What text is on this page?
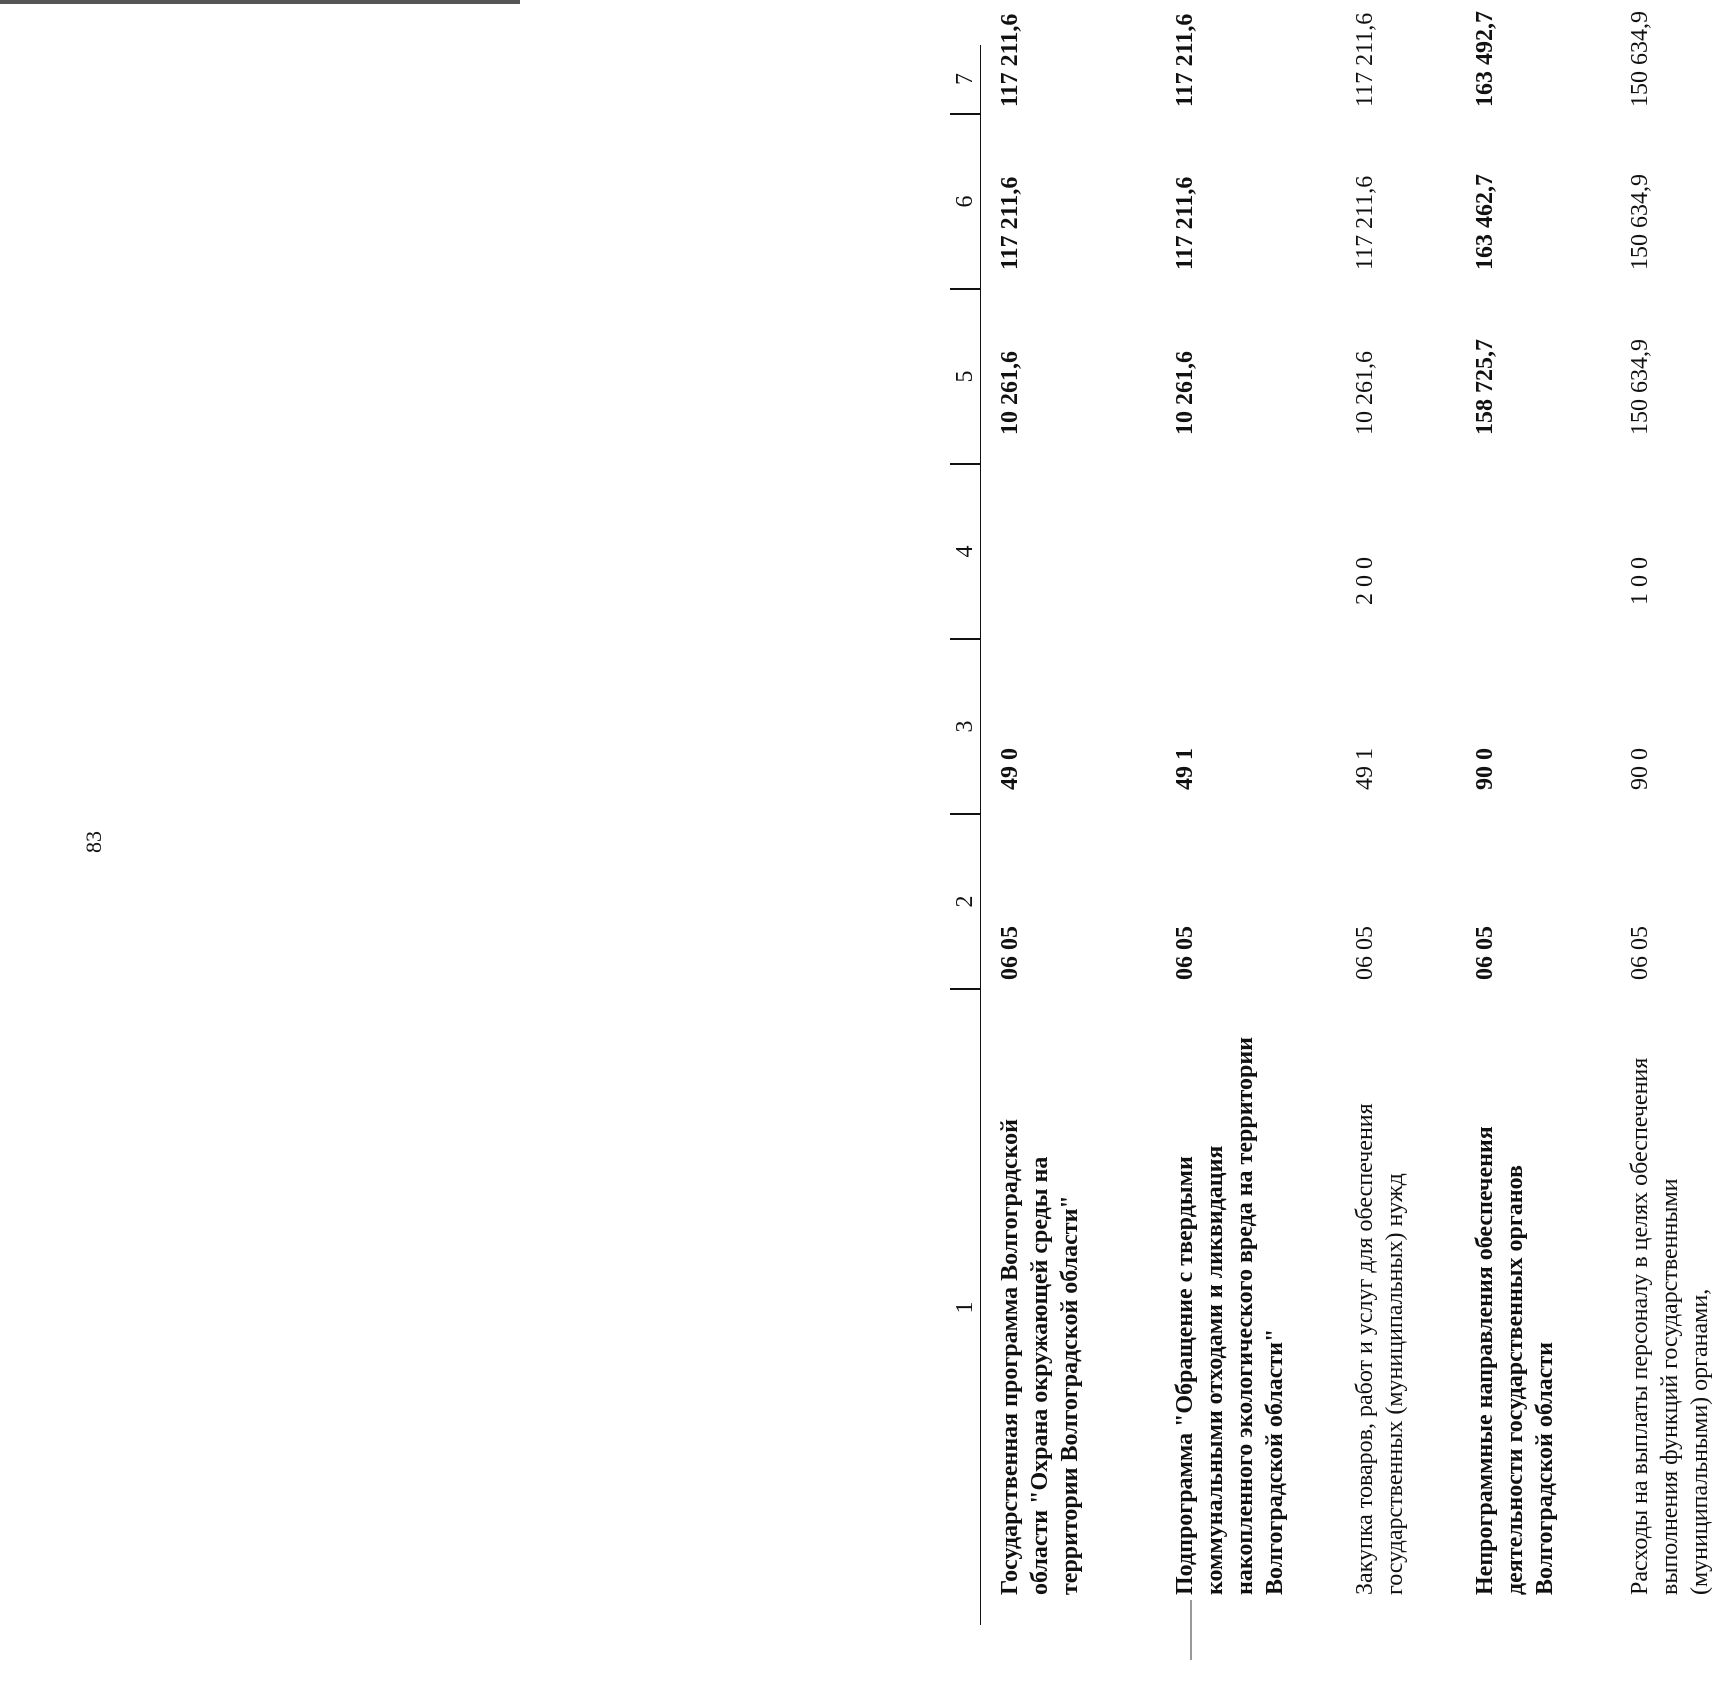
83
1
2
3
4
5
6
7
Государственная программа Волгоградской области "Охрана окружающей среды на территории Волгоградской области"
06 05
49 0
10 261,6
117 211,6
117 211,6
Подпрограмма "Обращение с твердыми коммунальными отходами и ликвидация накопленного экологического вреда на территории Волгоградской области"
06 05
49 1
10 261,6
117 211,6
117 211,6
Закупка товаров, работ и услуг для обеспечения государственных (муниципальных) нужд
06 05
49 1
2 0 0
10 261,6
117 211,6
117 211,6
Непрограммные направления обеспечения деятельности государственных органов Волгоградской области
06 05
90 0
158 725,7
163 462,7
163 492,7
Расходы на выплаты персоналу в целях обеспечения выполнения функций государственными (муниципальными) органами,
06 05
90 0
1 0 0
150 634,9
150 634,9
150 634,9
